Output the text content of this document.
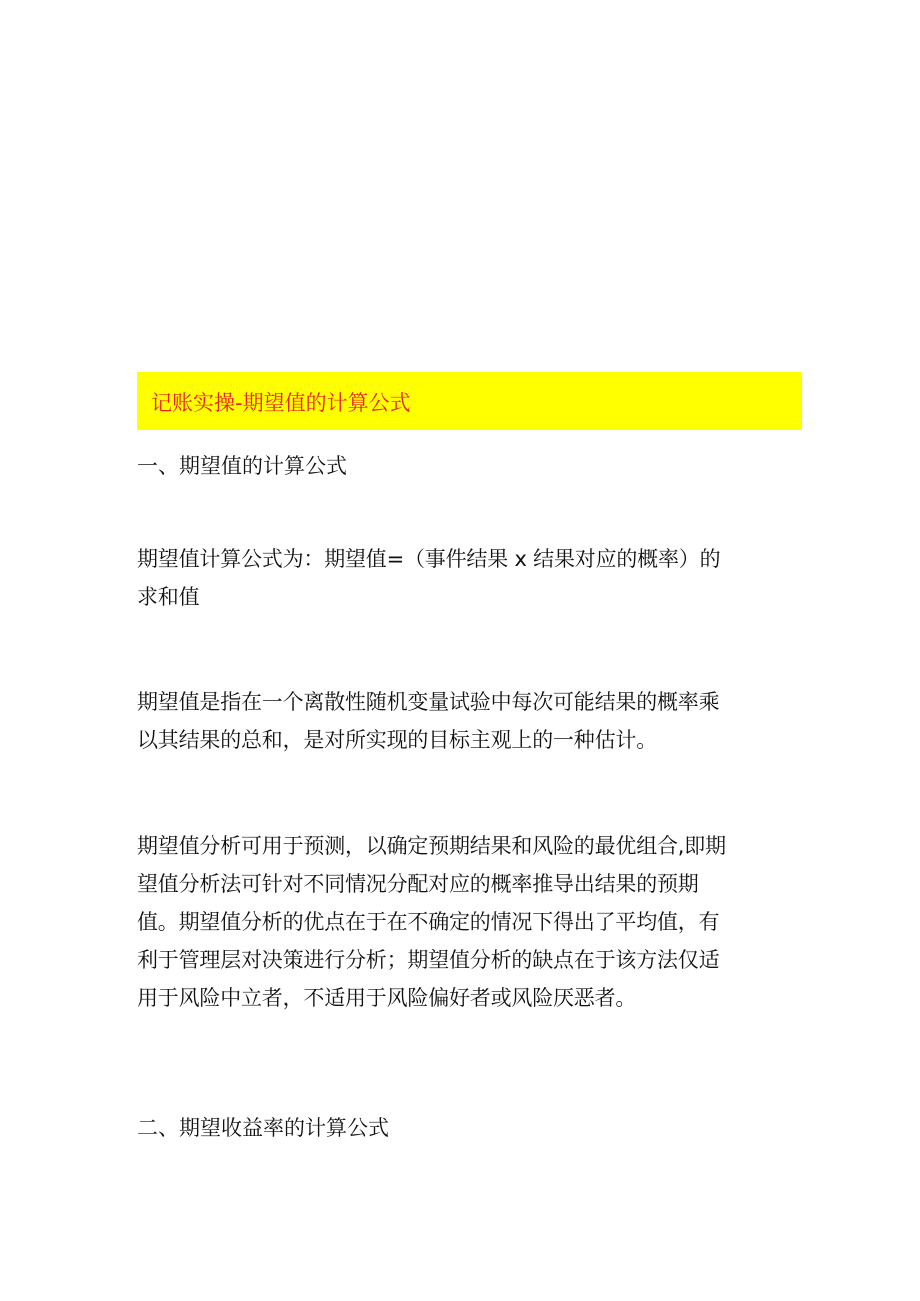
记账实操-期望值的计算公式
一、期望值的计算公式
期望值计算公式为：期望值=（事件结果 x 结果对应的概率）的
求和值
期望值是指在一个离散性随机变量试验中每次可能结果的概率乘
以其结果的总和，是对所实现的目标主观上的一种估计。
期望值分析可用于预测，以确定预期结果和风险的最优组合,即期
望值分析法可针对不同情况分配对应的概率推导出结果的预期
值。期望值分析的优点在于在不确定的情况下得出了平均值，有
利于管理层对决策进行分析；期望值分析的缺点在于该方法仅适
用于风险中立者，不适用于风险偏好者或风险厌恶者。
二、期望收益率的计算公式
